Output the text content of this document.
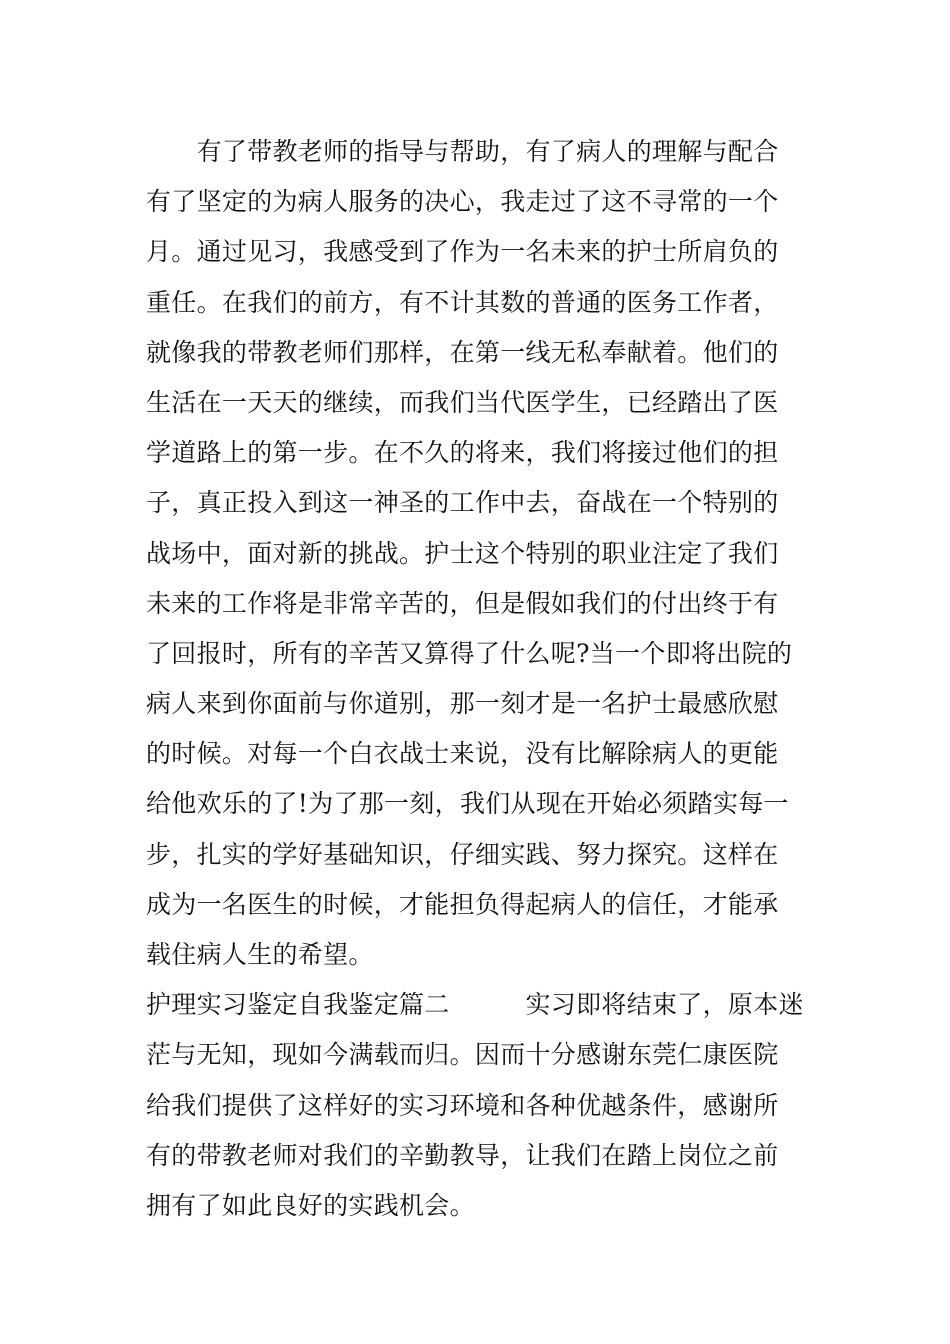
　　有了带教老师的指导与帮助，有了病人的理解与配合
有了坚定的为病人服务的决心，我走过了这不寻常的一个
月。通过见习，我感受到了作为一名未来的护士所肩负的
重任。在我们的前方，有不计其数的普通的医务工作者，
就像我的带教老师们那样，在第一线无私奉献着。他们的
生活在一天天的继续，而我们当代医学生，已经踏出了医
学道路上的第一步。在不久的将来，我们将接过他们的担
子，真正投入到这一神圣的工作中去，奋战在一个特别的
战场中，面对新的挑战。护士这个特别的职业注定了我们
未来的工作将是非常辛苦的，但是假如我们的付出终于有
了回报时，所有的辛苦又算得了什么呢?当一个即将出院的
病人来到你面前与你道别，那一刻才是一名护士最感欣慰
的时候。对每一个白衣战士来说，没有比解除病人的更能
给他欢乐的了!为了那一刻，我们从现在开始必须踏实每一
步，扎实的学好基础知识，仔细实践、努力探究。这样在
成为一名医生的时候，才能担负得起病人的信任，才能承
载住病人生的希望。
护理实习鉴定自我鉴定篇二　　　实习即将结束了，原本迷
茫与无知，现如今满载而归。因而十分感谢东莞仁康医院
给我们提供了这样好的实习环境和各种优越条件，感谢所
有的带教老师对我们的辛勤教导，让我们在踏上岗位之前
拥有了如此良好的实践机会。
